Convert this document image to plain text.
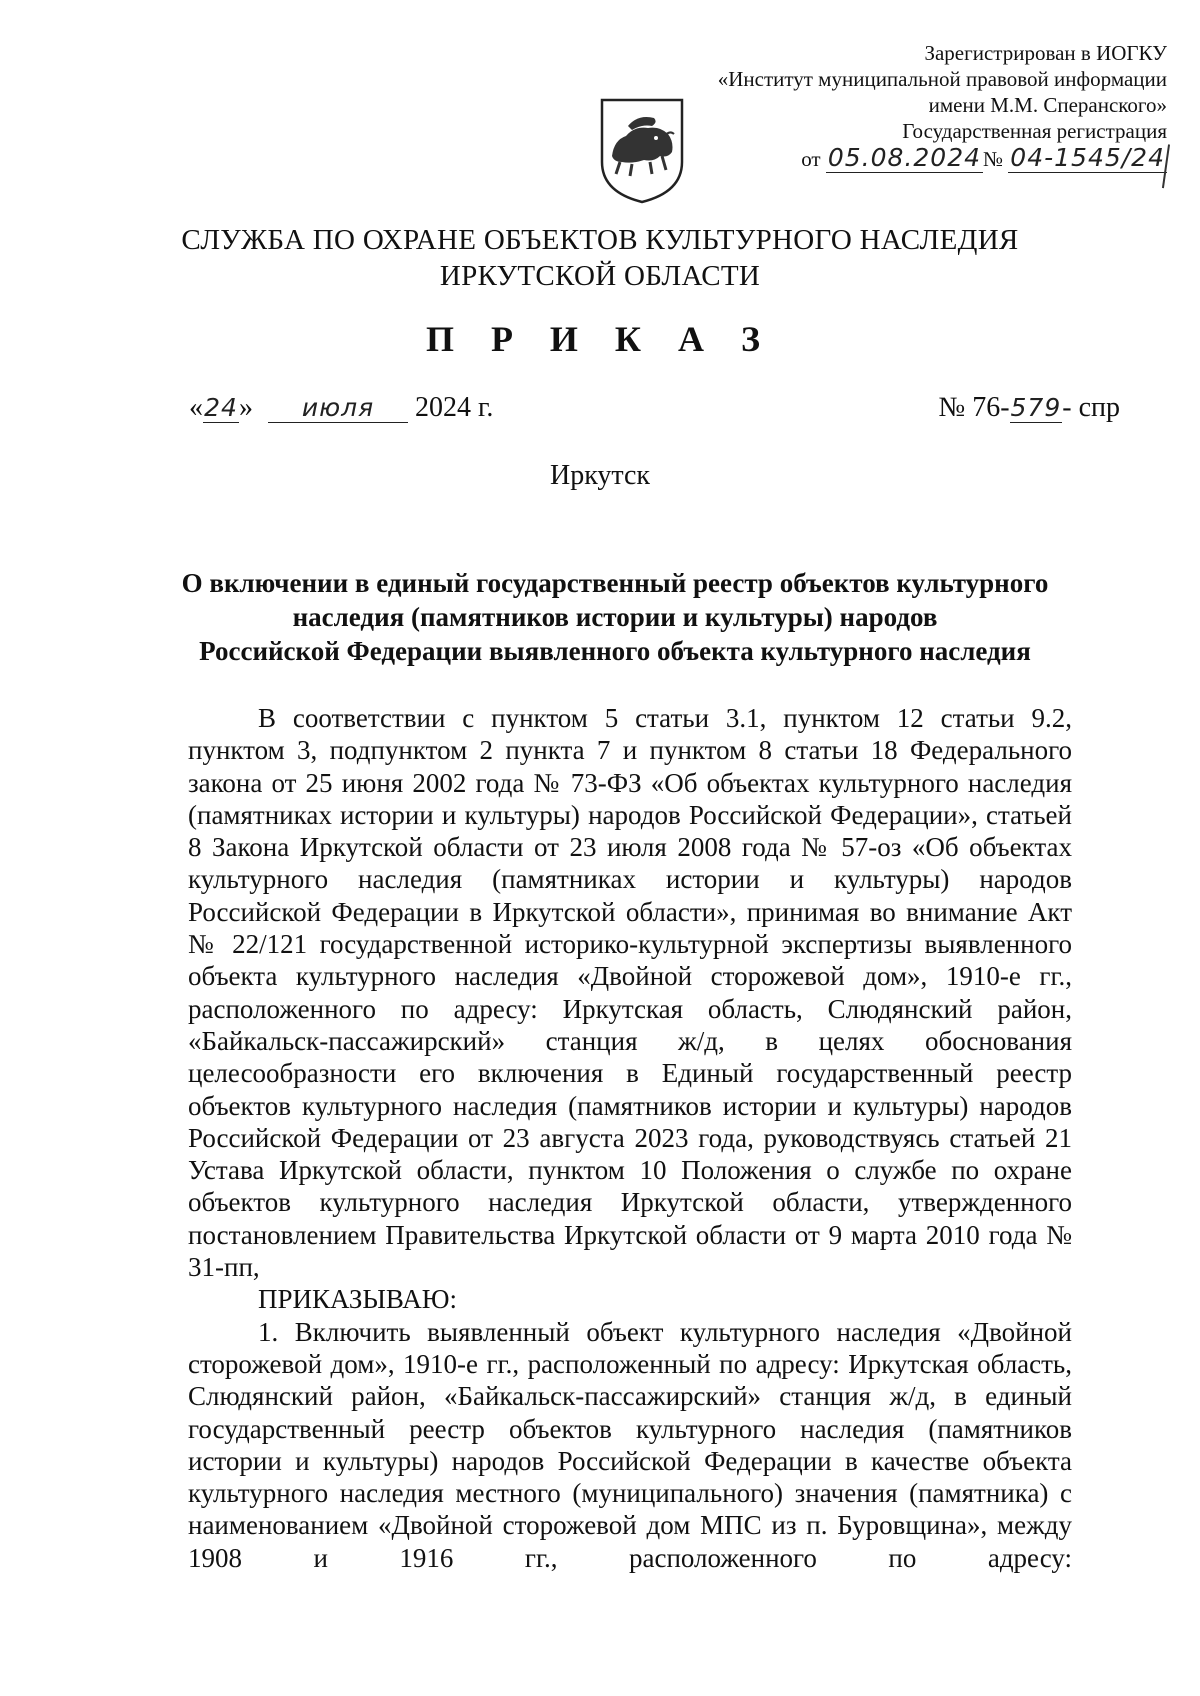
Зарегистрирован в ИОГКУ
«Институт муниципальной правовой информации
имени М.М. Сперанского»
Государственная регистрация
от 05.08.2024№ 04-1545/24
СЛУЖБА ПО ОХРАНЕ ОБЪЕКТОВ КУЛЬТУРНОГО НАСЛЕДИЯ
ИРКУТСКОЙ ОБЛАСТИ
П Р И К А З
«24» июля 2024 г.	№ 76-579- спр
Иркутск
О включении в единый государственный реестр объектов культурного
наследия (памятников истории и культуры) народов
Российской Федерации выявленного объекта культурного наследия

В соответствии с пунктом 5 статьи 3.1, пунктом 12 статьи 9.2, пунктом 3, подпунктом 2 пункта 7 и пунктом 8 статьи 18 Федерального закона от 25 июня 2002 года № 73-ФЗ «Об объектах культурного наследия (памятниках истории и культуры) народов Российской Федерации», статьей 8 Закона Иркутской области от 23 июля 2008 года № 57-оз «Об объектах культурного наследия (памятниках истории и культуры) народов Российской Федерации в Иркутской области», принимая во внимание Акт № 22/121 государственной историко-культурной экспертизы выявленного объекта культурного наследия «Двойной сторожевой дом», 1910-е гг., расположенного по адресу: Иркутская область, Слюдянский район, «Байкальск-пассажирский» станция ж/д, в целях обоснования целесообразности его включения в Единый государственный реестр объектов культурного наследия (памятников истории и культуры) народов Российской Федерации от 23 августа 2023 года, руководствуясь статьей 21 Устава Иркутской области, пунктом 10 Положения о службе по охране объектов культурного наследия Иркутской области, утвержденного постановлением Правительства Иркутской области от 9 марта 2010 года № 31-пп,

ПРИКАЗЫВАЮ:

1. Включить выявленный объект культурного наследия «Двойной сторожевой дом», 1910-е гг., расположенный по адресу: Иркутская область, Слюдянский район, «Байкальск-пассажирский» станция ж/д, в единый государственный реестр объектов культурного наследия (памятников истории и культуры) народов Российской Федерации в качестве объекта культурного наследия местного (муниципального) значения (памятника) с наименованием «Двойной сторожевой дом МПС из п. Буровщина», между 1908 и 1916 гг., расположенного по адресу:
